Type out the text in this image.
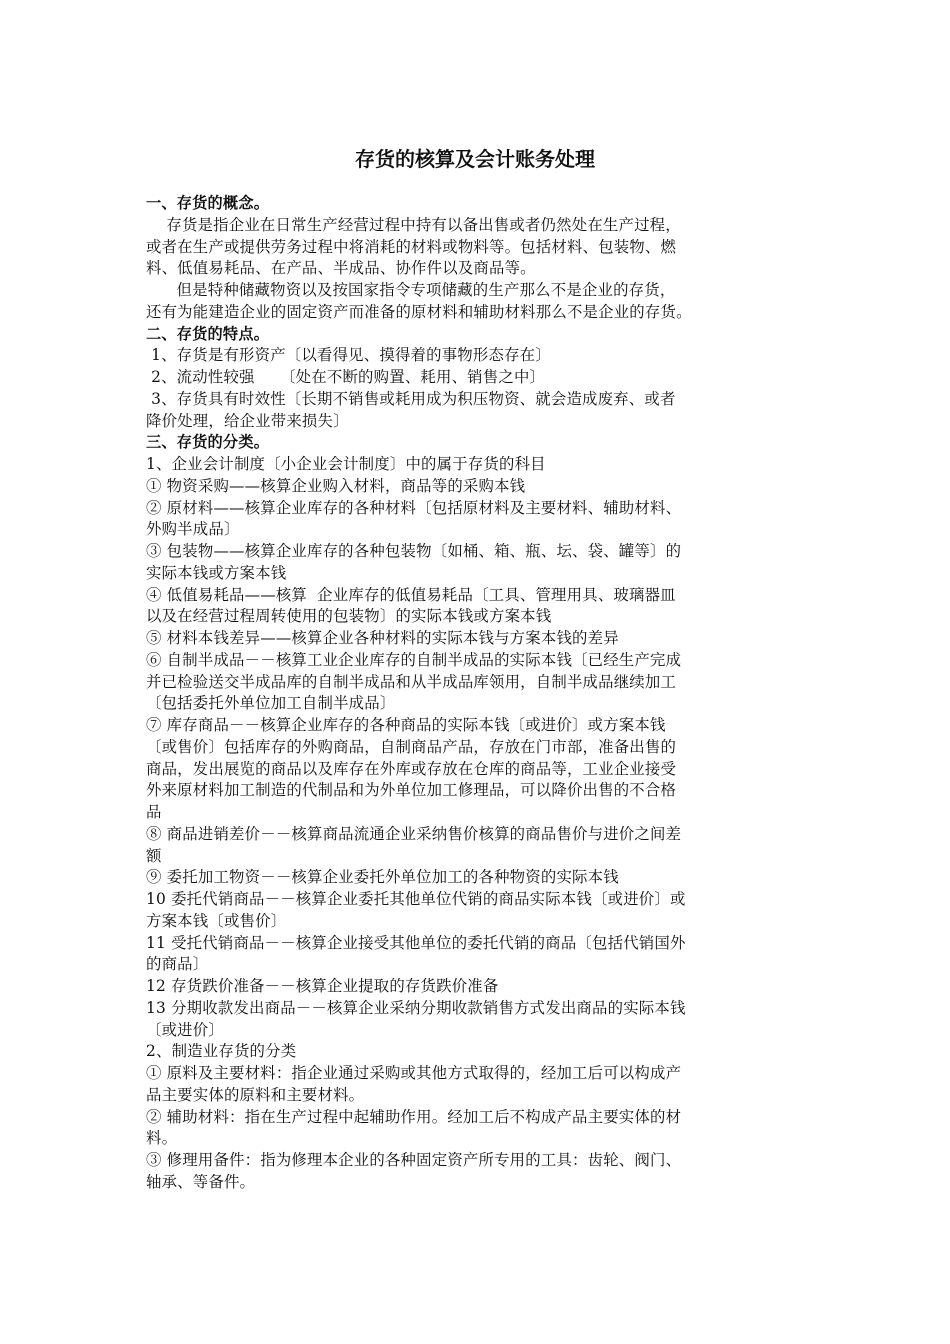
存货的核算及会计账务处理
一、存货的概念。
存货是指企业在日常生产经营过程中持有以备出售或者仍然处在生产过程，
或者在生产或提供劳务过程中将消耗的材料或物料等。包括材料、包装物、燃
料、低值易耗品、在产品、半成品、协作件以及商品等。
但是特种储藏物资以及按国家指令专项储藏的生产那么不是企业的存货，
还有为能建造企业的固定资产而准备的原材料和辅助材料那么不是企业的存货。
二、存货的特点。
1、存货是有形资产〔以看得见、摸得着的事物形态存在〕
2、流动性较强     〔处在不断的购置、耗用、销售之中〕
3、存货具有时效性〔长期不销售或耗用成为积压物资、就会造成废弃、或者
降价处理，给企业带来损失〕
三、存货的分类。
1、企业会计制度〔小企业会计制度〕中的属于存货的科目
① 物资采购——核算企业购入材料，商品等的采购本钱
② 原材料——核算企业库存的各种材料〔包括原材料及主要材料、辅助材料、
外购半成品〕
③ 包装物——核算企业库存的各种包装物〔如桶、箱、瓶、坛、袋、罐等〕的
实际本钱或方案本钱
④ 低值易耗品——核算  企业库存的低值易耗品〔工具、管理用具、玻璃器皿
以及在经营过程周转使用的包装物〕的实际本钱或方案本钱
⑤ 材料本钱差异——核算企业各种材料的实际本钱与方案本钱的差异
⑥ 自制半成品－－核算工业企业库存的自制半成品的实际本钱〔已经生产完成
并已检验送交半成品库的自制半成品和从半成品库领用，自制半成品继续加工
〔包括委托外单位加工自制半成品〕
⑦ 库存商品－－核算企业库存的各种商品的实际本钱〔或进价〕或方案本钱
〔或售价〕包括库存的外购商品，自制商品产品，存放在门市部，准备出售的
商品，发出展览的商品以及库存在外库或存放在仓库的商品等，工业企业接受
外来原材料加工制造的代制品和为外单位加工修理品，可以降价出售的不合格
品
⑧ 商品进销差价－－核算商品流通企业采纳售价核算的商品售价与进价之间差
额
⑨ 委托加工物资－－核算企业委托外单位加工的各种物资的实际本钱
10 委托代销商品－－核算企业委托其他单位代销的商品实际本钱〔或进价〕或
方案本钱〔或售价〕
11 受托代销商品－－核算企业接受其他单位的委托代销的商品〔包括代销国外
的商品〕
12 存货跌价准备－－核算企业提取的存货跌价准备
13 分期收款发出商品－－核算企业采纳分期收款销售方式发出商品的实际本钱
〔或进价〕
2、制造业存货的分类
① 原料及主要材料：指企业通过采购或其他方式取得的，经加工后可以构成产
品主要实体的原料和主要材料。
② 辅助材料：指在生产过程中起辅助作用。经加工后不构成产品主要实体的材
料。
③ 修理用备件：指为修理本企业的各种固定资产所专用的工具：齿轮、阀门、
轴承、等备件。
